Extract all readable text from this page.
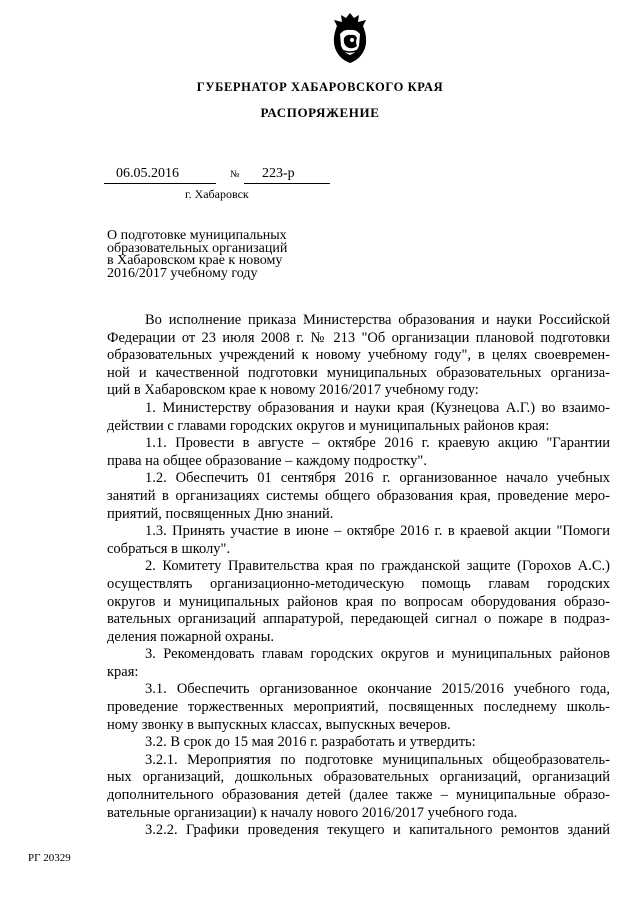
ГУБЕРНАТОР ХАБАРОВСКОГО КРАЯ
РАСПОРЯЖЕНИЕ
06.05.2016	№ 223-р
г. Хабаровск
О подготовке муниципальных
образовательных организаций
в Хабаровском крае к новому
2016/2017 учебному году
Во исполнение приказа Министерства образования и науки Российской
Федерации от 23 июля 2008 г. № 213 "Об организации плановой подготовки
образовательных учреждений к новому учебному году", в целях своевремен-
ной и качественной подготовки муниципальных образовательных организа-
ций в Хабаровском крае к новому 2016/2017 учебному году:
1. Министерству образования и науки края (Кузнецова А.Г.) во взаимо-
действии с главами городских округов и муниципальных районов края:
1.1. Провести в августе – октябре 2016 г. краевую акцию "Гарантии
права на общее образование – каждому подростку".
1.2. Обеспечить 01 сентября 2016 г. организованное начало учебных
занятий в организациях системы общего образования края, проведение меро-
приятий, посвященных Дню знаний.
1.3. Принять участие в июне – октябре 2016 г. в краевой акции "Помоги
собраться в школу".
2. Комитету Правительства края по гражданской защите (Горохов А.С.)
осуществлять организационно-методическую помощь главам городских
округов и муниципальных районов края по вопросам оборудования образо-
вательных организаций аппаратурой, передающей сигнал о пожаре в подраз-
деления пожарной охраны.
3. Рекомендовать главам городских округов и муниципальных районов
края:
3.1. Обеспечить организованное окончание 2015/2016 учебного года,
проведение торжественных мероприятий, посвященных последнему школь-
ному звонку в выпускных классах, выпускных вечеров.
3.2. В срок до 15 мая 2016 г. разработать и утвердить:
3.2.1. Мероприятия по подготовке муниципальных общеобразователь-
ных организаций, дошкольных образовательных организаций, организаций
дополнительного образования детей (далее также – муниципальные образо-
вательные организации) к началу нового 2016/2017 учебного года.
3.2.2. Графики проведения текущего и капитального ремонтов зданий
РГ 20329
